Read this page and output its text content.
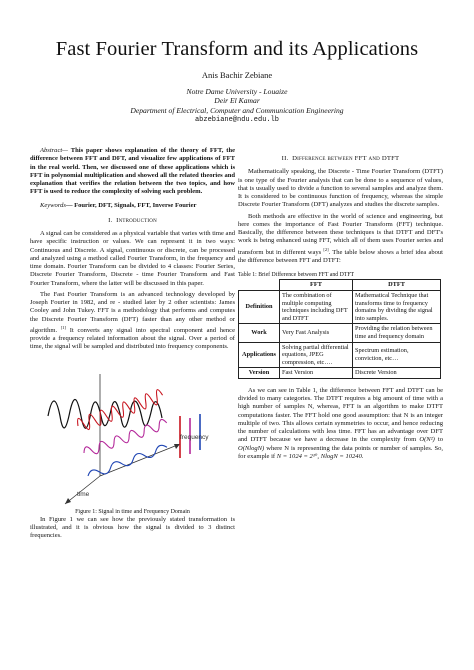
Fast Fourier Transform and its Applications
Anis Bachir Zebiane
Notre Dame University - Louaize
Deir El Kamar
Department of Electrical, Computer and Communication Engineering
abzebiane@ndu.edu.lb

Abstract— This paper shows explanation of the theory of FFT, the difference between FFT and DFT, and visualize few applications of FFT in the real world. Then, we discussed one of these applications which is FFT in polynomial multiplication and showed all the related theories and explanation that verifies the relation between the two topics, and how FFT is used to reduce the complexity of solving such problem.

Keywords— Fourier, DFT, Signals, FFT, Inverse Fourier

I. Introduction

A signal can be considered as a physical variable that varies with time and have specific instruction or values. We can represent it in two ways: Continuous and Discrete. A signal, continuous or discrete, can be processed and analyzed using a method called Fourier Transform, in the frequency and time domain. Fourier Transform can be divided to 4 classes: Fourier Series, Discrete Fourier Transform, Discrete - time Fourier Transform and Fast Fourier Transform, where the latter will be discussed in this paper.

The Fast Fourier Transform is an advanced technology developed by Joseph Fourier in 1982, and re - studied later by 2 other scientists: James Cooley and John Tukey. FFT is a methodology that performs and computes the Discrete Fourier Transform (DFT) faster than any other method or algorithm. [1] It converts any signal into spectral component and hence provide a frequency related information about the signal. Over a period of time, the signal will be sampled and distributed into frequency components.

frequency
time

Figure 1: Signal in time and Frequency Domain

In Figure 1 we can see how the previously stated transformation is illustrated, and it is obvious how the signal is divided to 3 distinct frequencies.

II. Difference between FFT and DTFT

Mathematically speaking, the Discrete - Time Fourier Transform (DTFT) is one type of the Fourier analysis that can be done to a sequence of values, that is usually used to divide a function to several samples and analyze them. It is considered to be continuous function of frequency, whereas the simple Discrete Fourier Transform (DFT) analyzes and studies the discrete samples.

Both methods are effective in the world of science and engineering, but here comes the importance of Fast Fourier Transform (FFT) technique. Basically, the difference between these techniques is that DTFT and DFT's work is being enhanced using FFT, which all of them uses Fourier series and transform but in different ways [2]. The table below shows a brief idea about the difference between FFT and DTFT:

Table 1: Brief Difference between FFT and DTFT

	FFT	DTFT
Definition	The combination of multiple computing techniques including DFT and DTFT	Mathematical Technique that transforms time to frequency domains by dividing the signal into samples.
Work	Very Fast Analysis	Providing the relation between time and frequency domain
Applications	Solving partial differential equations, JPEG compression, etc….	Spectrum estimation, conviction, etc…
Version	Fast Version	Discrete Version

As we can see in Table 1, the difference between FFT and DTFT can be divided to many categories. The DTFT requires a big amount of time with a high number of samples N, whereas, FFT is an algorithm to make DTFT computations faster. The FFT hold one good assumption: that N is an integer multiple of two. This allows certain symmetries to occur, and hence reducing the number of calculations with less time. FFT has an advantage over DFT and DTFT because we have a decrease in the complexity from O(N²) to O(NlogN) where N is representing the data points or number of samples. So, for example if N = 1024 = 2¹⁰, NlogN = 10240.
